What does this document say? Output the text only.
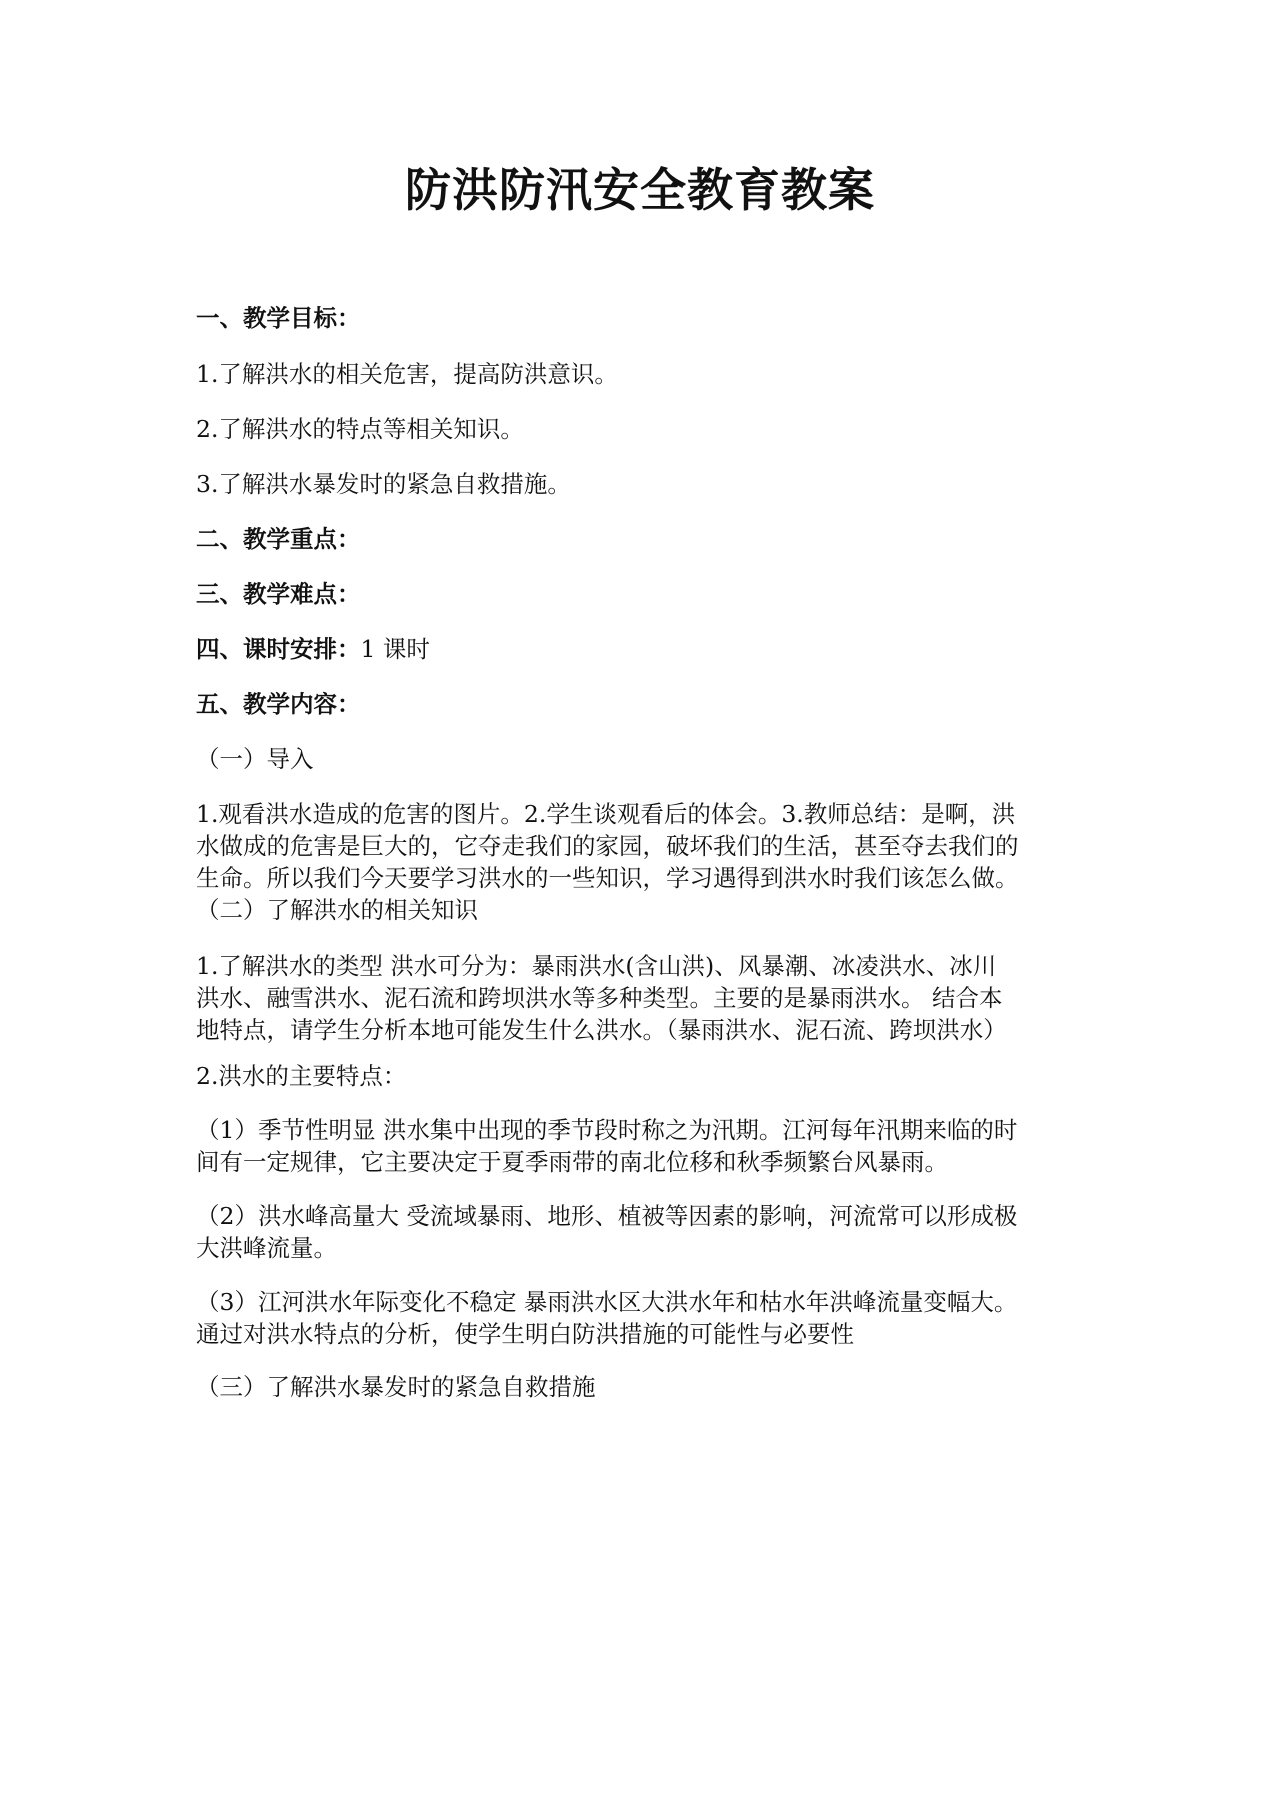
防洪防汛安全教育教案
一、教学目标：
1.了解洪水的相关危害，提高防洪意识。
2.了解洪水的特点等相关知识。
3.了解洪水暴发时的紧急自救措施。
二、教学重点：
三、教学难点：
四、课时安排：1 课时
五、教学内容：
（一）导入
1.观看洪水造成的危害的图片。2.学生谈观看后的体会。3.教师总结：是啊，洪
水做成的危害是巨大的，它夺走我们的家园，破坏我们的生活，甚至夺去我们的
生命。所以我们今天要学习洪水的一些知识，学习遇得到洪水时我们该怎么做。
（二）了解洪水的相关知识
1.了解洪水的类型 洪水可分为：暴雨洪水(含山洪)、风暴潮、冰凌洪水、冰川
洪水、融雪洪水、泥石流和跨坝洪水等多种类型。主要的是暴雨洪水。 结合本
地特点，请学生分析本地可能发生什么洪水。（暴雨洪水、泥石流、跨坝洪水）
2.洪水的主要特点：
（1）季节性明显 洪水集中出现的季节段时称之为汛期。江河每年汛期来临的时
间有一定规律，它主要决定于夏季雨带的南北位移和秋季频繁台风暴雨。
（2）洪水峰高量大 受流域暴雨、地形、植被等因素的影响，河流常可以形成极
大洪峰流量。
（3）江河洪水年际变化不稳定 暴雨洪水区大洪水年和枯水年洪峰流量变幅大。
通过对洪水特点的分析，使学生明白防洪措施的可能性与必要性
（三）了解洪水暴发时的紧急自救措施
